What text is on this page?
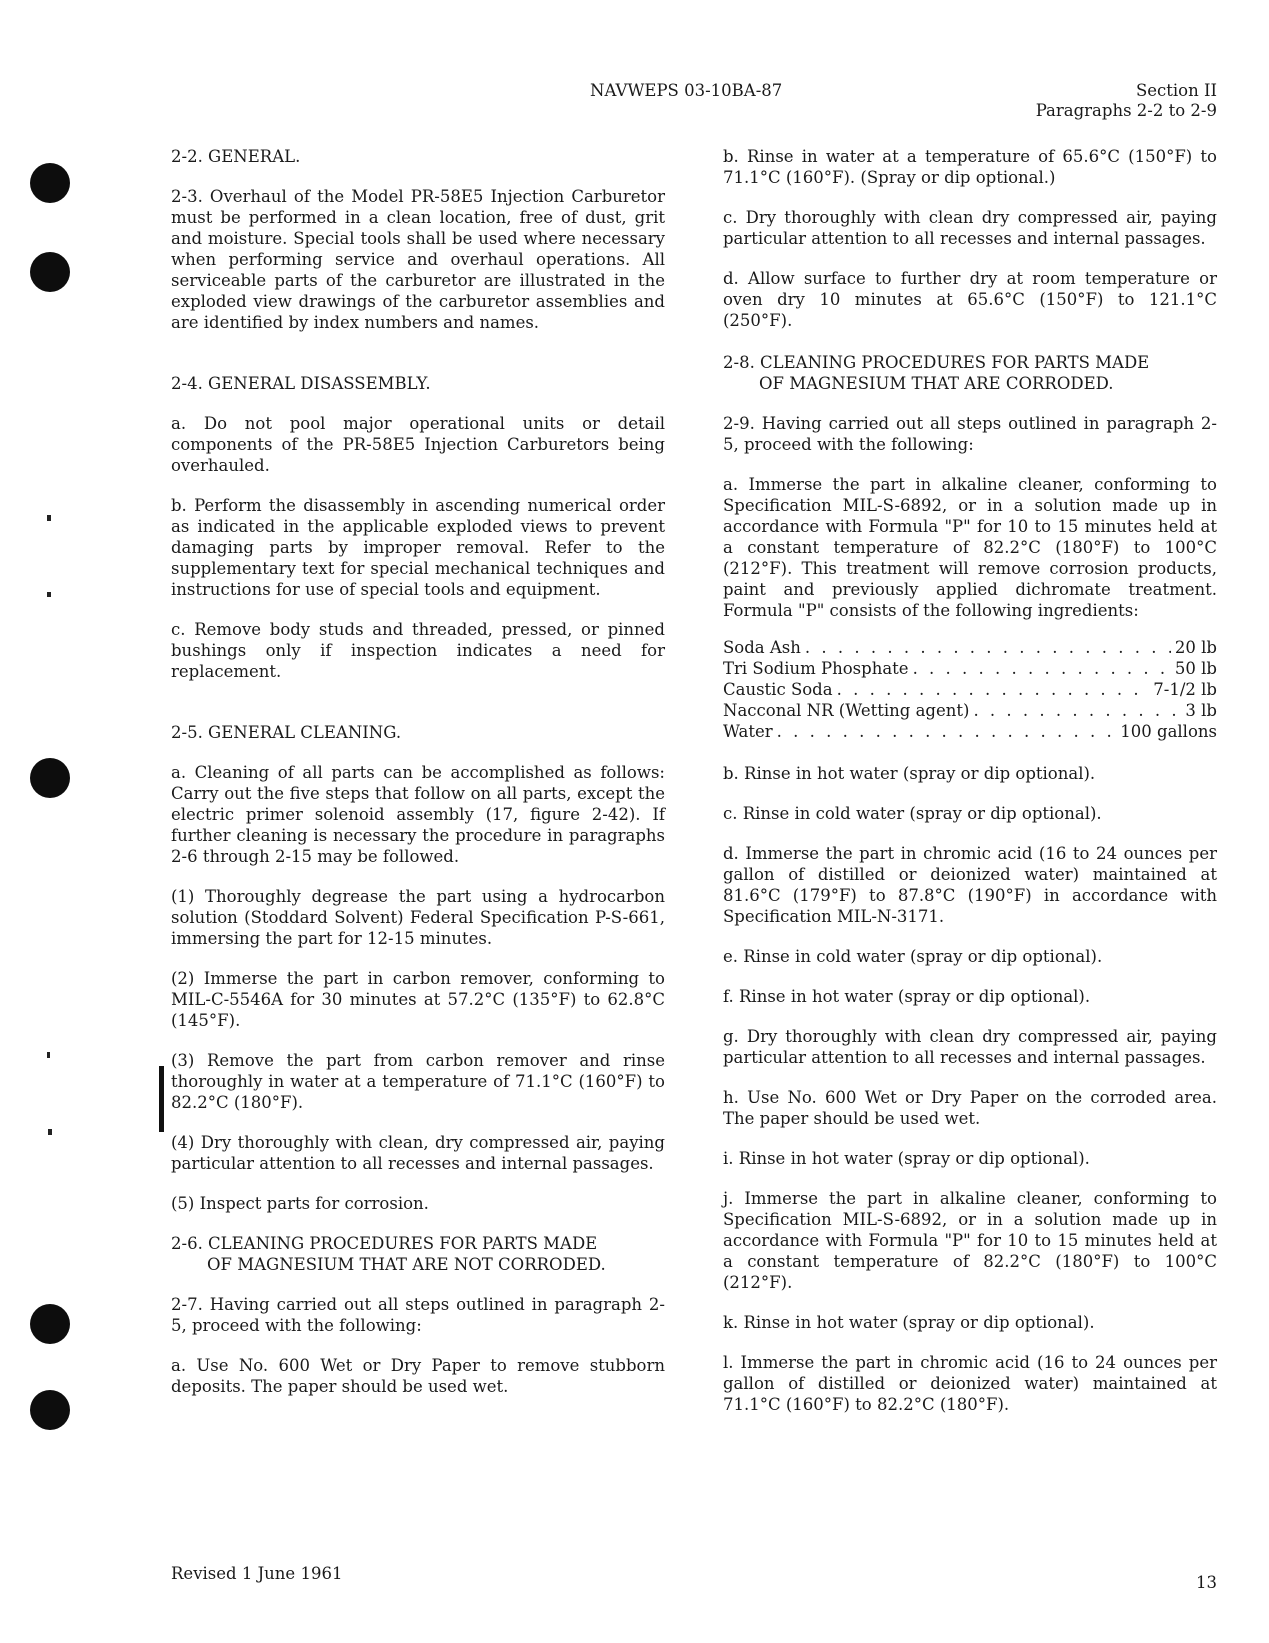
NAVWEPS 03-10BA-87	Section II
Paragraphs 2-2 to 2-9

2-2. GENERAL.

2-3. Overhaul of the Model PR-58E5 Injection Carburetor must be performed in a clean location, free of dust, grit and moisture. Special tools shall be used where necessary when performing service and overhaul operations. All serviceable parts of the carburetor are illustrated in the exploded view drawings of the carburetor assemblies and are identified by index numbers and names.

2-4. GENERAL DISASSEMBLY.

a. Do not pool major operational units or detail components of the PR-58E5 Injection Carburetors being overhauled.

b. Perform the disassembly in ascending numerical order as indicated in the applicable exploded views to prevent damaging parts by improper removal. Refer to the supplementary text for special mechanical techniques and instructions for use of special tools and equipment.

c. Remove body studs and threaded, pressed, or pinned bushings only if inspection indicates a need for replacement.

2-5. GENERAL CLEANING.

a. Cleaning of all parts can be accomplished as follows: Carry out the five steps that follow on all parts, except the electric primer solenoid assembly (17, figure 2-42). If further cleaning is necessary the procedure in paragraphs 2-6 through 2-15 may be followed.

(1) Thoroughly degrease the part using a hydrocarbon solution (Stoddard Solvent) Federal Specification P-S-661, immersing the part for 12-15 minutes.

(2) Immerse the part in carbon remover, conforming to MIL-C-5546A for 30 minutes at 57.2°C (135°F) to 62.8°C (145°F).

(3) Remove the part from carbon remover and rinse thoroughly in water at a temperature of 71.1°C (160°F) to 82.2°C (180°F).

(4) Dry thoroughly with clean, dry compressed air, paying particular attention to all recesses and internal passages.

(5) Inspect parts for corrosion.

2-6. CLEANING PROCEDURES FOR PARTS MADE
OF MAGNESIUM THAT ARE NOT CORRODED.

2-7. Having carried out all steps outlined in paragraph 2-5, proceed with the following:

a. Use No. 600 Wet or Dry Paper to remove stubborn deposits. The paper should be used wet.

b. Rinse in water at a temperature of 65.6°C (150°F) to 71.1°C (160°F). (Spray or dip optional.)

c. Dry thoroughly with clean dry compressed air, paying particular attention to all recesses and internal passages.

d. Allow surface to further dry at room temperature or oven dry 10 minutes at 65.6°C (150°F) to 121.1°C (250°F).

2-8. CLEANING PROCEDURES FOR PARTS MADE
OF MAGNESIUM THAT ARE CORRODED.

2-9. Having carried out all steps outlined in paragraph 2-5, proceed with the following:

a. Immerse the part in alkaline cleaner, conforming to Specification MIL-S-6892, or in a solution made up in accordance with Formula "P" for 10 to 15 minutes held at a constant temperature of 82.2°C (180°F) to 100°C (212°F). This treatment will remove corrosion products, paint and previously applied dichromate treatment. Formula "P" consists of the following ingredients:

Soda Ash . . .	20 lb
Tri Sodium Phosphate . . .	50 lb
Caustic Soda . . .	7-1/2 lb
Nacconal NR (Wetting agent) . . .	3 lb
Water . . .	100 gallons

b. Rinse in hot water (spray or dip optional).

c. Rinse in cold water (spray or dip optional).

d. Immerse the part in chromic acid (16 to 24 ounces per gallon of distilled or deionized water) maintained at 81.6°C (179°F) to 87.8°C (190°F) in accordance with Specification MIL-N-3171.

e. Rinse in cold water (spray or dip optional).

f. Rinse in hot water (spray or dip optional).

g. Dry thoroughly with clean dry compressed air, paying particular attention to all recesses and internal passages.

h. Use No. 600 Wet or Dry Paper on the corroded area. The paper should be used wet.

i. Rinse in hot water (spray or dip optional).

j. Immerse the part in alkaline cleaner, conforming to Specification MIL-S-6892, or in a solution made up in accordance with Formula "P" for 10 to 15 minutes held at a constant temperature of 82.2°C (180°F) to 100°C (212°F).

k. Rinse in hot water (spray or dip optional).

l. Immerse the part in chromic acid (16 to 24 ounces per gallon of distilled or deionized water) maintained at 71.1°C (160°F) to 82.2°C (180°F).

Revised 1 June 1961	13
